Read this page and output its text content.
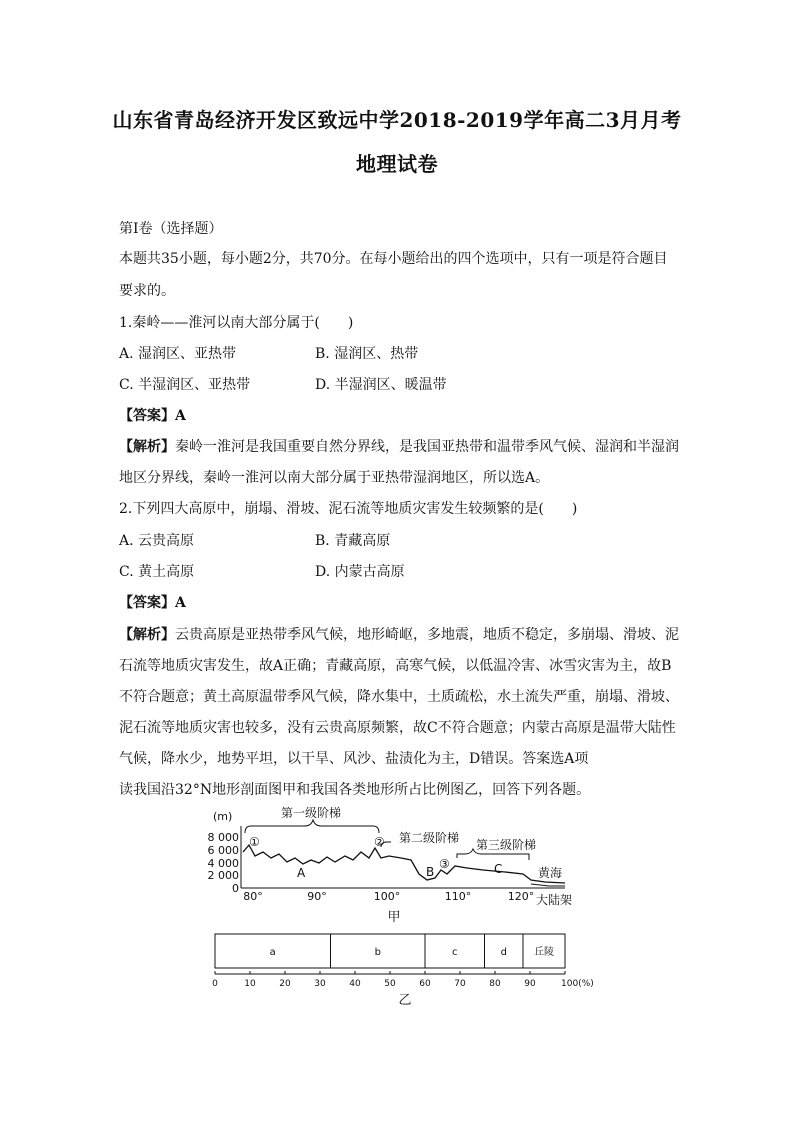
山东省青岛经济开发区致远中学2018-2019学年高二3月月考
地理试卷
第Ⅰ卷（选择题）
本题共35小题，每小题2分，共70分。在每小题给出的四个选项中，只有一项是符合题目
要求的。
1.秦岭——淮河以南大部分属于(　　)
A. 湿润区、亚热带	B. 湿润区、热带
C. 半湿润区、亚热带	D. 半湿润区、暖温带
【答案】A
【解析】秦岭一淮河是我国重要自然分界线，是我国亚热带和温带季风气候、湿润和半湿润
地区分界线，秦岭一淮河以南大部分属于亚热带湿润地区，所以选A。
2.下列四大高原中，崩塌、滑坡、泥石流等地质灾害发生较频繁的是(　　)
A. 云贵高原	B. 青藏高原
C. 黄土高原	D. 内蒙古高原
【答案】A
【解析】云贵高原是亚热带季风气候，地形崎岖，多地震，地质不稳定，多崩塌、滑坡、泥
石流等地质灾害发生，故A正确；青藏高原，高寒气候，以低温冷害、冰雪灾害为主，故B
不符合题意；黄土高原温带季风气候，降水集中，土质疏松，水土流失严重，崩塌、滑坡、
泥石流等地质灾害也较多，没有云贵高原频繁，故C不符合题意；内蒙古高原是温带大陆性
气候，降水少，地势平坦，以干旱、风沙、盐渍化为主，D错误。答案选A项
读我国沿32°N地形剖面图甲和我国各类地形所占比例图乙，回答下列各题。
(m)
8 000
6 000
4 000
2 000
0
第一级阶梯
第二级阶梯 第三级阶梯
①	②
③
A	B	C	黄海
大陆架
80°	90°	100°	110°	120°
甲
a	b	c	d	丘陵
0	10	20	30	40	50	60	70	80	90	100(%)
乙
